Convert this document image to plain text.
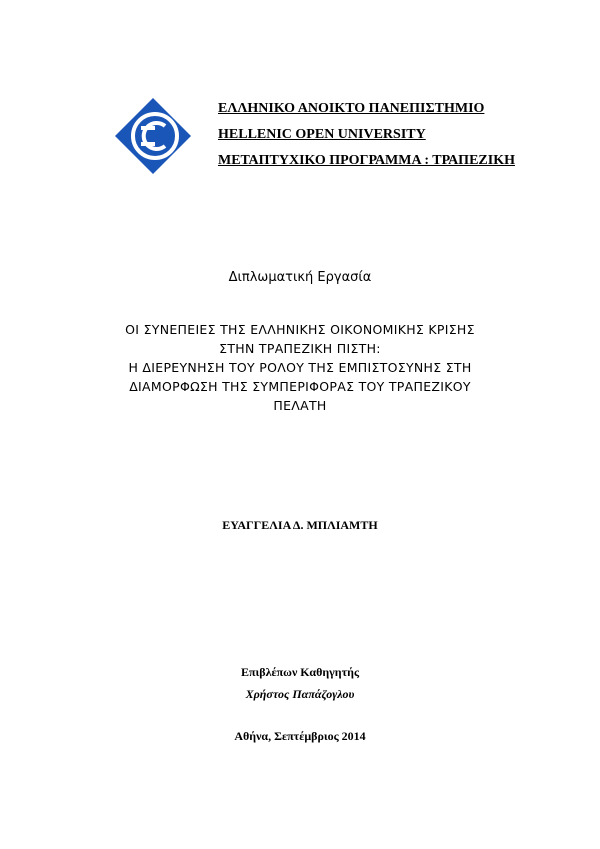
ΕΛΛΗΝΙΚΟ ΑΝΟΙΚΤΟ ΠΑΝΕΠΙΣΤΗΜΙΟ
HELLENIC OPEN UNIVERSITY
ΜΕΤΑΠΤΥΧΙΚΟ ΠΡΟΓΡΑΜΜΑ : ΤΡΑΠΕΖΙΚΗ
Διπλωματική Εργασία
ΟΙ ΣΥΝΕΠΕΙΕΣ ΤΗΣ ΕΛΛΗΝΙΚΗΣ ΟΙΚΟΝΟΜΙΚΗΣ ΚΡΙΣΗΣ
ΣΤΗΝ ΤΡΑΠΕΖΙΚΗ ΠΙΣΤΗ:
Η ΔΙΕΡΕΥΝΗΣΗ ΤΟΥ ΡΟΛΟΥ ΤΗΣ ΕΜΠΙΣΤΟΣΥΝΗΣ ΣΤΗ
ΔΙΑΜΟΡΦΩΣΗ ΤΗΣ ΣΥΜΠΕΡΙΦΟΡΑΣ ΤΟΥ ΤΡΑΠΕΖΙΚΟΥ
ΠΕΛΑΤΗ
ΕΥΑΓΓΕΛΙΑ Δ. ΜΠΛΙΑΜΤΗ
Επιβλέπων Καθηγητής
Χρήστος Παπάζογλου
Αθήνα, Σεπτέμβριος 2014
